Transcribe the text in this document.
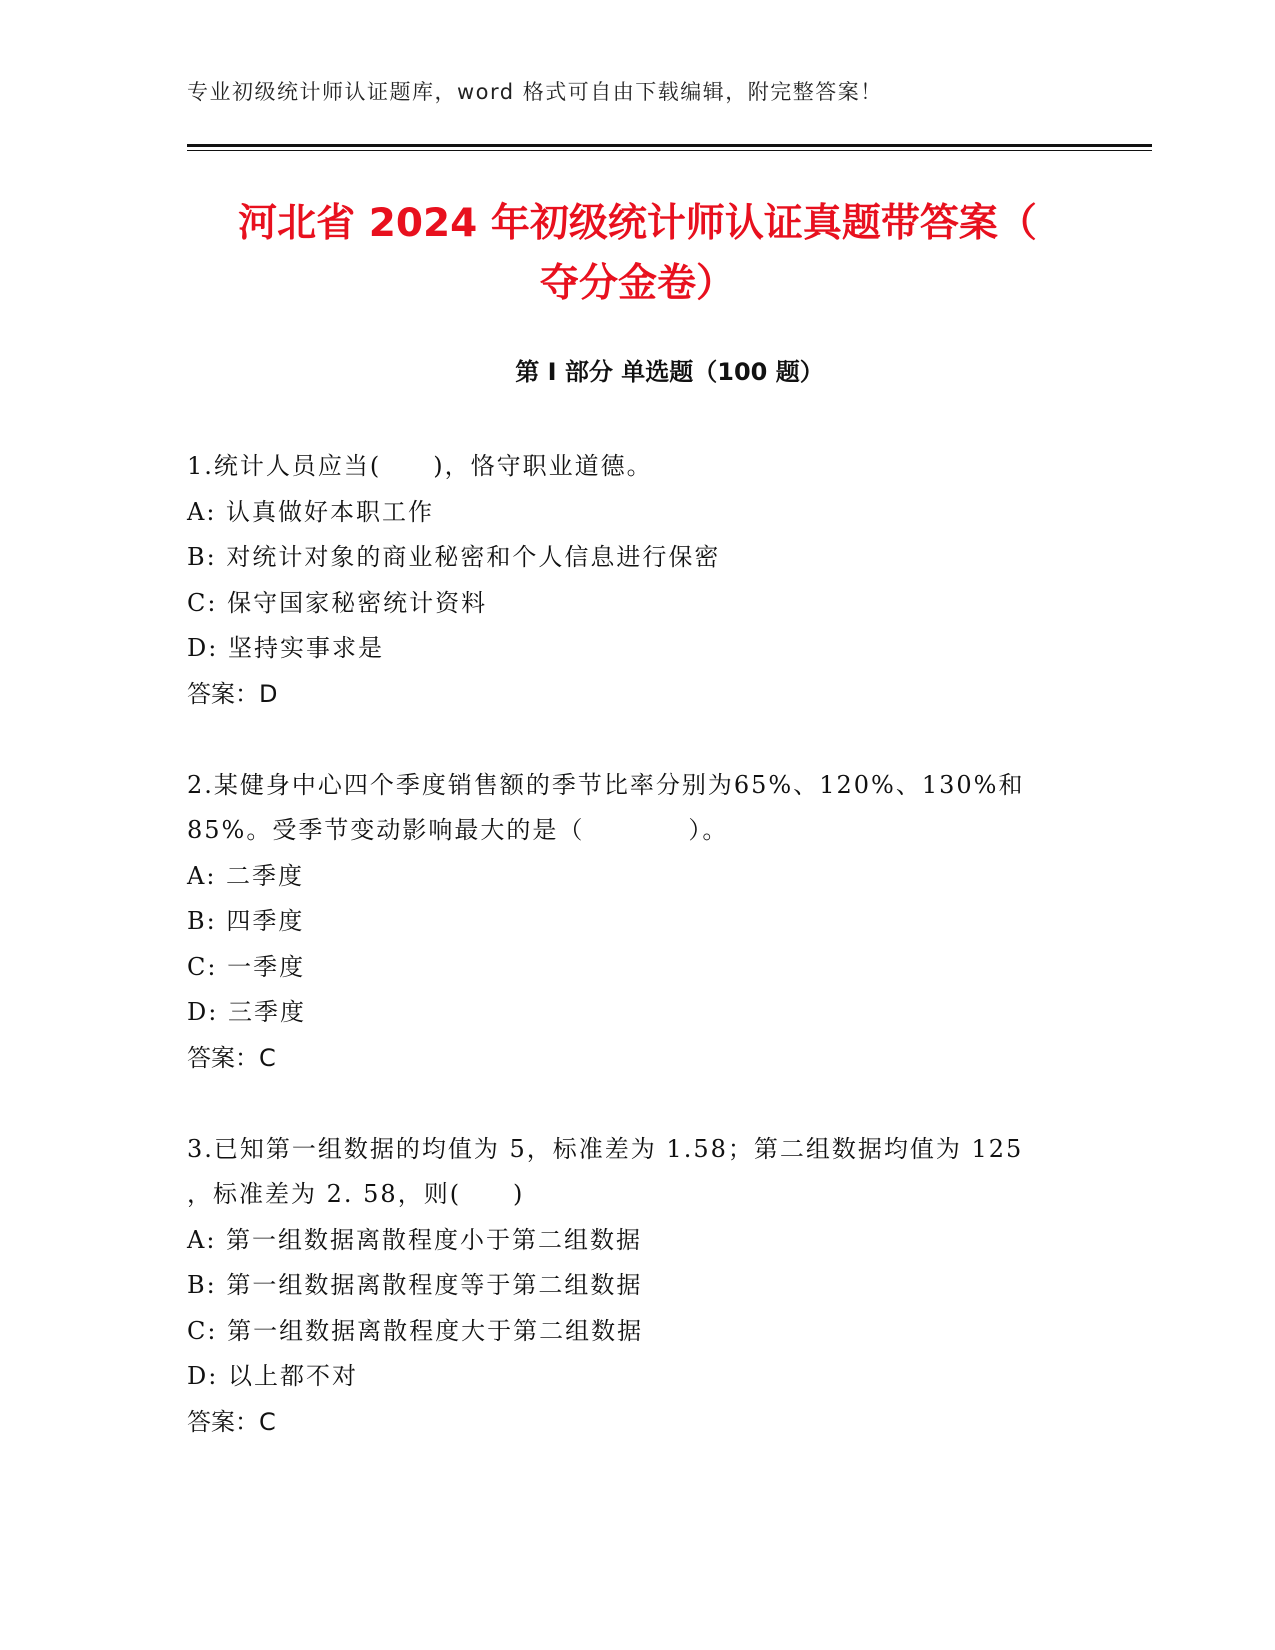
专业初级统计师认证题库，word 格式可自由下载编辑，附完整答案！
河北省 2024 年初级统计师认证真题带答案（
夺分金卷）
第 I 部分 单选题（100 题）
1.统计人员应当(　　)，恪守职业道德。
A: 认真做好本职工作
B: 对统计对象的商业秘密和个人信息进行保密
C: 保守国家秘密统计资料
D: 坚持实事求是
答案：D
2.某健身中心四个季度销售额的季节比率分别为65%、120%、130%和
85%。受季节变动影响最大的是（　　　　）。
A: 二季度
B: 四季度
C: 一季度
D: 三季度
答案：C
3.已知第一组数据的均值为 5，标准差为 1.58；第二组数据均值为 125
，标准差为 2. 58，则(　　)
A: 第一组数据离散程度小于第二组数据
B: 第一组数据离散程度等于第二组数据
C: 第一组数据离散程度大于第二组数据
D: 以上都不对
答案：C
